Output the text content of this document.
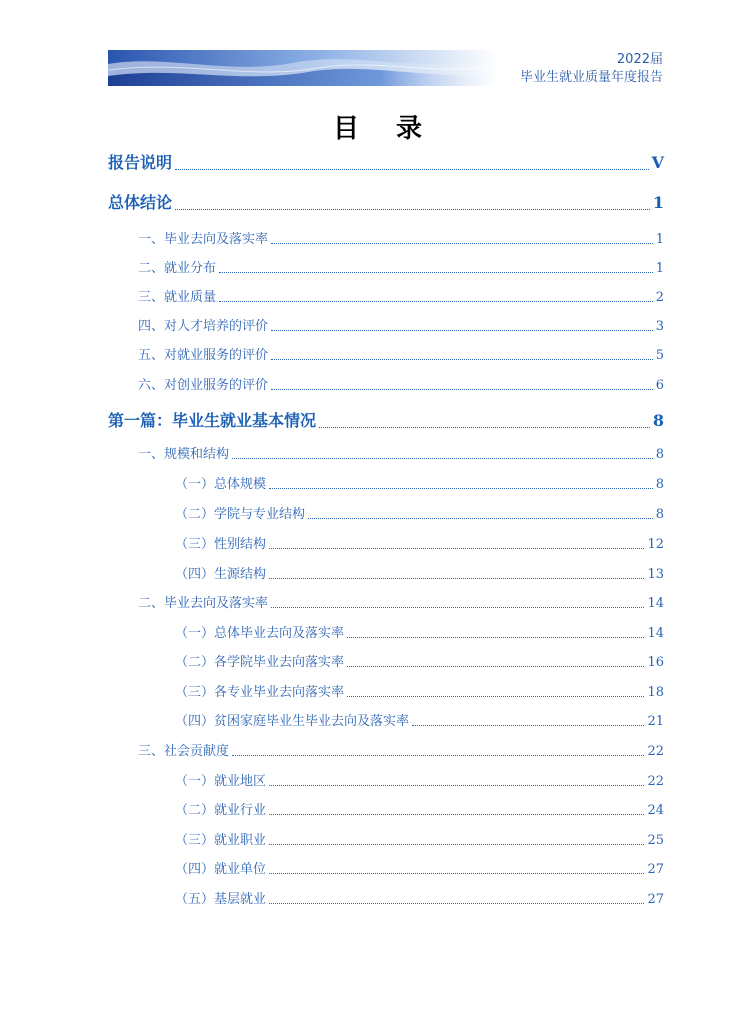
2022届
毕业生就业质量年度报告
目 录
报告说明	V
总体结论	1
一、毕业去向及落实率	1
二、就业分布	1
三、就业质量	2
四、对人才培养的评价	3
五、对就业服务的评价	5
六、对创业服务的评价	6
第一篇：毕业生就业基本情况	8
一、规模和结构	8
（一）总体规模	8
（二）学院与专业结构	8
（三）性别结构	12
（四）生源结构	13
二、毕业去向及落实率	14
（一）总体毕业去向及落实率	14
（二）各学院毕业去向落实率	16
（三）各专业毕业去向落实率	18
（四）贫困家庭毕业生毕业去向及落实率	21
三、社会贡献度	22
（一）就业地区	22
（二）就业行业	24
（三）就业职业	25
（四）就业单位	27
（五）基层就业	27
